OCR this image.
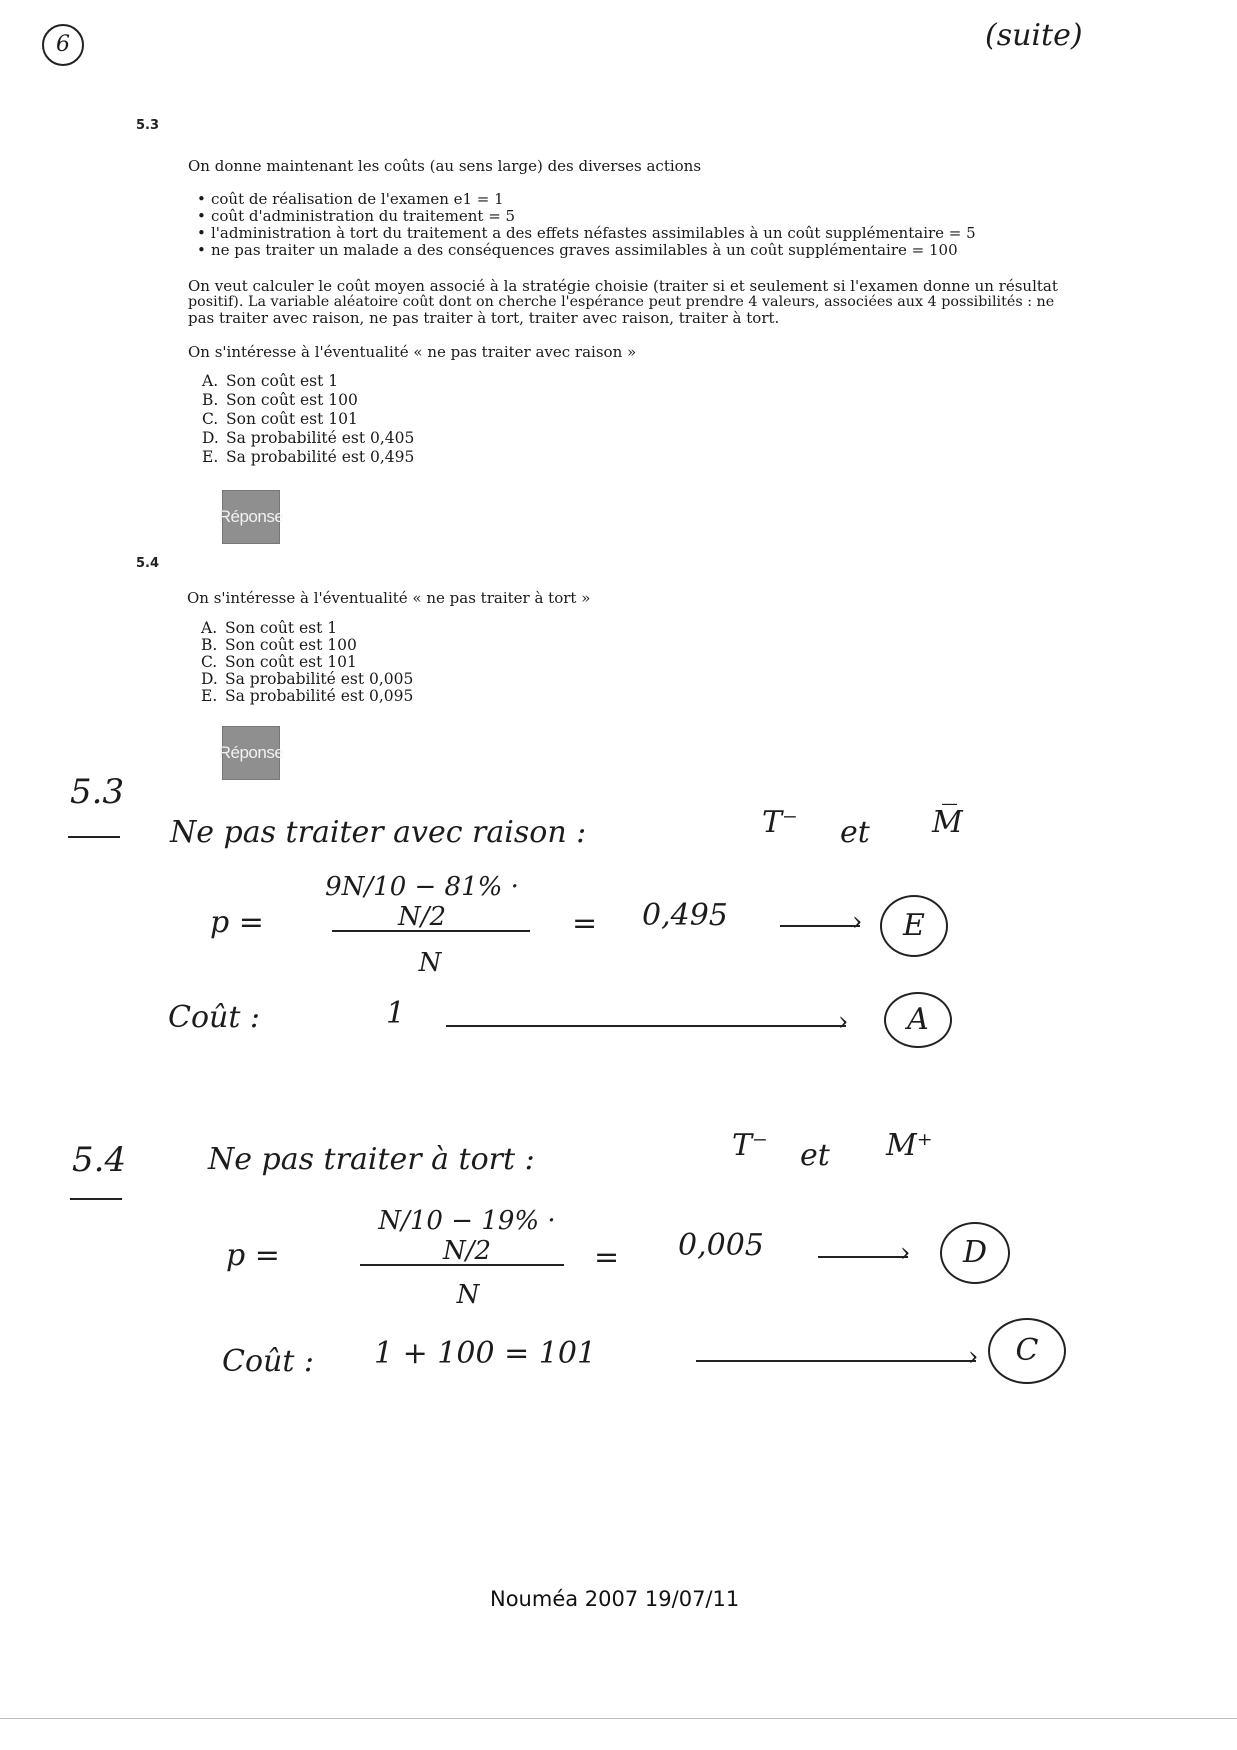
6	(suite)
5.3
On donne maintenant les coûts (au sens large) des diverses actions
• coût de réalisation de l'examen e1 = 1
• coût d'administration du traitement = 5
• l'administration à tort du traitement a des effets néfastes assimilables à un coût supplémentaire = 5
• ne pas traiter un malade a des conséquences graves assimilables à un coût supplémentaire = 100
On veut calculer le coût moyen associé à la stratégie choisie (traiter si et seulement si l'examen donne un résultat
positif). La variable aléatoire coût dont on cherche l'espérance peut prendre 4 valeurs, associées aux 4 possibilités : ne
pas traiter avec raison, ne pas traiter à tort, traiter avec raison, traiter à tort.
On s'intéresse à l'éventualité « ne pas traiter avec raison »
A. Son coût est 1
B. Son coût est 100
C. Son coût est 101
D. Sa probabilité est 0,405
E. Sa probabilité est 0,495
Réponse
5.4
On s'intéresse à l'éventualité « ne pas traiter à tort »
A. Son coût est 1
B. Son coût est 100
C. Son coût est 101
D. Sa probabilité est 0,005
E. Sa probabilité est 0,095
Réponse
5.3
Ne pas traiter avec raison :	T⁻ et M̅
p =
9N/10 − 81% · N/2
N
= 0,495	›	E
Coût :	1	›	A
5.4	Ne pas traiter à tort :	T⁻ et M⁺
p =
N/10 − 19% · N/2
N
= 0,005	›	D
Coût : 1 + 100 = 101	›	C
Nouméa 2007 19/07/11
